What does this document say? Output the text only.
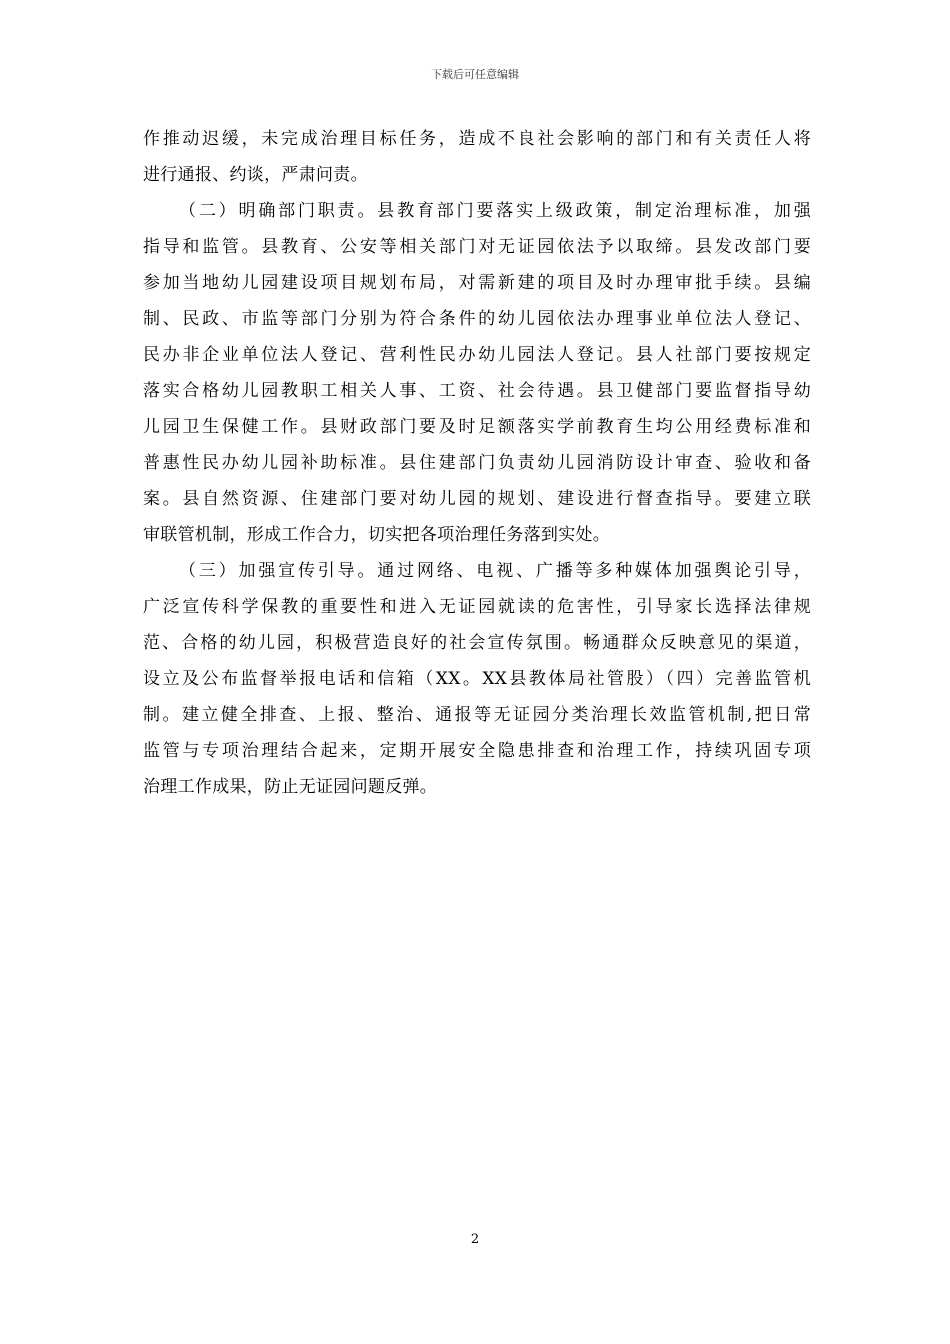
下载后可任意编辑
作推动迟缓，未完成治理目标任务，造成不良社会影响的部门和有关责任人将
进行通报、约谈，严肃问责。
（二）明确部门职责。县教育部门要落实上级政策，制定治理标准，加强
指导和监管。县教育、公安等相关部门对无证园依法予以取缔。县发改部门要
参加当地幼儿园建设项目规划布局，对需新建的项目及时办理审批手续。县编
制、民政、市监等部门分别为符合条件的幼儿园依法办理事业单位法人登记、
民办非企业单位法人登记、营利性民办幼儿园法人登记。县人社部门要按规定
落实合格幼儿园教职工相关人事、工资、社会待遇。县卫健部门要监督指导幼
儿园卫生保健工作。县财政部门要及时足额落实学前教育生均公用经费标准和
普惠性民办幼儿园补助标准。县住建部门负责幼儿园消防设计审查、验收和备
案。县自然资源、住建部门要对幼儿园的规划、建设进行督查指导。要建立联
审联管机制，形成工作合力，切实把各项治理任务落到实处。
（三）加强宣传引导。通过网络、电视、广播等多种媒体加强舆论引导，
广泛宣传科学保教的重要性和进入无证园就读的危害性，引导家长选择法律规
范、合格的幼儿园，积极营造良好的社会宣传氛围。畅通群众反映意见的渠道，
设立及公布监督举报电话和信箱（XX。XX县教体局社管股）（四）完善监管机
制。建立健全排查、上报、整治、通报等无证园分类治理长效监管机制,把日常
监管与专项治理结合起来，定期开展安全隐患排查和治理工作，持续巩固专项
治理工作成果，防止无证园问题反弹。
2
